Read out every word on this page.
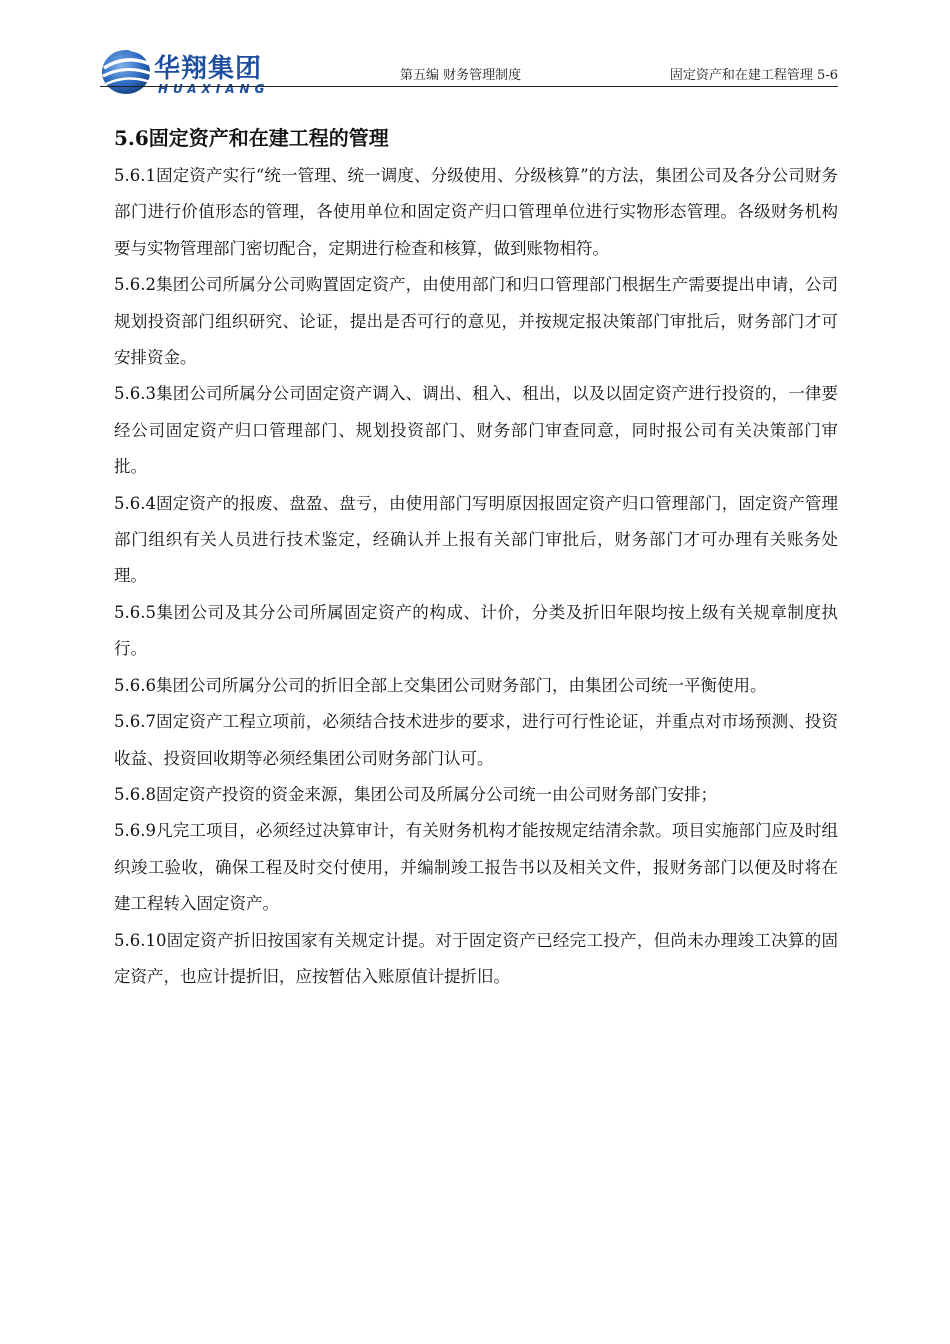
华翔集团
HUAXIANG
第五编 财务管理制度	固定资产和在建工程管理 5-6
5.6固定资产和在建工程的管理

5.6.1固定资产实行“统一管理、统一调度、分级使用、分级核算”的方法，集团公司及各分公司财务部门进行价值形态的管理，各使用单位和固定资产归口管理单位进行实物形态管理。各级财务机构要与实物管理部门密切配合，定期进行检查和核算，做到账物相符。

5.6.2集团公司所属分公司购置固定资产，由使用部门和归口管理部门根据生产需要提出申请，公司规划投资部门组织研究、论证，提出是否可行的意见，并按规定报决策部门审批后，财务部门才可安排资金。

5.6.3集团公司所属分公司固定资产调入、调出、租入、租出，以及以固定资产进行投资的，一律要经公司固定资产归口管理部门、规划投资部门、财务部门审查同意，同时报公司有关决策部门审批。

5.6.4固定资产的报废、盘盈、盘亏，由使用部门写明原因报固定资产归口管理部门，固定资产管理部门组织有关人员进行技术鉴定，经确认并上报有关部门审批后，财务部门才可办理有关账务处理。

5.6.5集团公司及其分公司所属固定资产的构成、计价，分类及折旧年限均按上级有关规章制度执行。

5.6.6集团公司所属分公司的折旧全部上交集团公司财务部门，由集团公司统一平衡使用。

5.6.7固定资产工程立项前，必须结合技术进步的要求，进行可行性论证，并重点对市场预测、投资收益、投资回收期等必须经集团公司财务部门认可。

5.6.8固定资产投资的资金来源，集团公司及所属分公司统一由公司财务部门安排；

5.6.9凡完工项目，必须经过决算审计，有关财务机构才能按规定结清余款。项目实施部门应及时组织竣工验收，确保工程及时交付使用，并编制竣工报告书以及相关文件，报财务部门以便及时将在建工程转入固定资产。

5.6.10固定资产折旧按国家有关规定计提。对于固定资产已经完工投产，但尚未办理竣工决算的固定资产，也应计提折旧，应按暂估入账原值计提折旧。
